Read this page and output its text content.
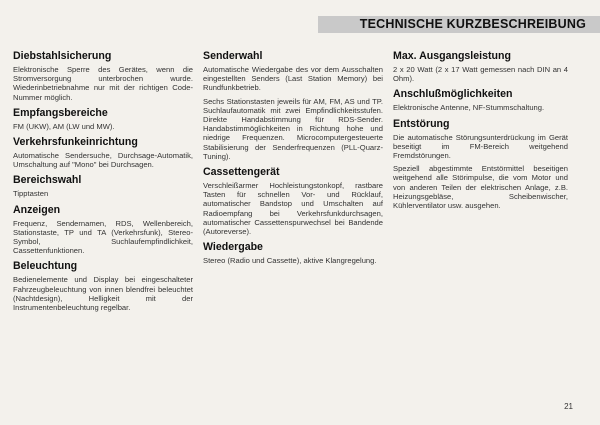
TECHNISCHE KURZBESCHREIBUNG
Diebstahlsicherung
Elektronische Sperre des Gerätes, wenn die Stromversorgung unterbrochen wurde. Wiederinbetriebnahme nur mit der richtigen Code-Nummer möglich.
Empfangsbereiche
FM (UKW), AM (LW und MW).
Verkehrsfunkeinrichtung
Automatische Sendersuche, Durchsage-Automatik, Umschaltung auf "Mono" bei Durchsagen.
Bereichswahl
Tipptasten
Anzeigen
Frequenz, Sendernamen, RDS, Wellenbereich, Stationstaste, TP und TA (Verkehrsfunk), Stereo-Symbol, Suchlaufempfindlichkeit, Cassettenfunktionen.
Beleuchtung
Bedienelemente und Display bei eingeschalteter Fahrzeugbeleuchtung von innen blendfrei beleuchtet (Nachtdesign), Helligkeit mit der Instrumentenbeleuchtung regelbar.
Senderwahl
Automatische Wiedergabe des vor dem Ausschalten eingestellten Senders (Last Station Memory) bei Rundfunkbetrieb.
Sechs Stationstasten jeweils für AM, FM, AS und TP. Suchlaufautomatik mit zwei Empfindlichkeitsstufen. Direkte Handabstimmung für RDS-Sender. Handabstimmöglichkeiten in Richtung hohe und niedrige Frequenzen. Microcomputergesteuerte Stabilisierung der Senderfrequenzen (PLL-Quarz-Tuning).
Cassettengerät
Verschleißarmer Hochleistungstonkopf, rastbare Tasten für schnellen Vor- und Rücklauf, automatischer Bandstop und Umschalten auf Radioempfang bei Verkehrsfunkdurchsagen, automatischer Cassettenspurwechsel bei Bandende (Autoreverse).
Wiedergabe
Stereo (Radio und Cassette), aktive Klangregelung.
Max. Ausgangsleistung
2 x 20 Watt (2 x 17 Watt gemessen nach DIN an 4 Ohm).
Anschlußmöglichkeiten
Elektronische Antenne, NF-Stummschaltung.
Entstörung
Die automatische Störungsunterdrückung im Gerät beseitigt im FM-Bereich weitgehend Fremdstörungen.
Speziell abgestimmte Entstörmittel beseitigen weitgehend alle Störimpulse, die vom Motor und von anderen Teilen der elektrischen Anlage, z.B. Heizungsgebläse, Scheibenwischer, Kühlerventilator usw. ausgehen.
21
